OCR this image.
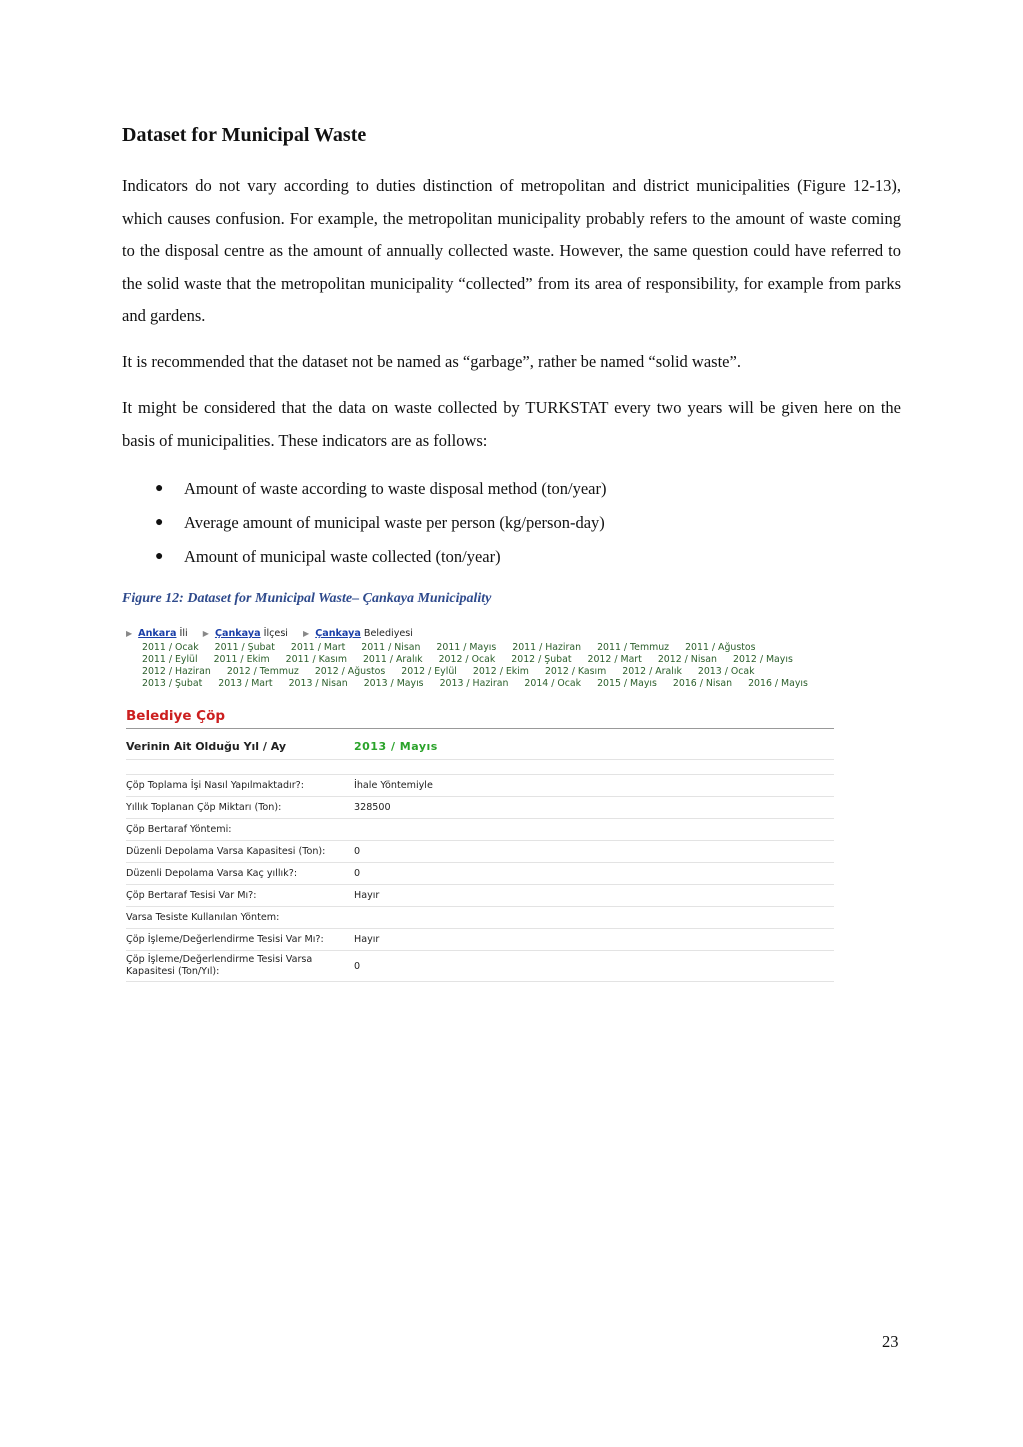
Dataset for Municipal Waste

Indicators do not vary according to duties distinction of metropolitan and district municipalities (Figure 12-13), which causes confusion. For example, the metropolitan municipality probably refers to the amount of waste coming to the disposal centre as the amount of annually collected waste. However, the same question could have referred to the solid waste that the metropolitan municipality “collected” from its area of responsibility, for example from parks and gardens.

It is recommended that the dataset not be named as “garbage”, rather be named “solid waste”.

It might be considered that the data on waste collected by TURKSTAT every two years will be given here on the basis of municipalities. These indicators are as follows:

● Amount of waste according to waste disposal method (ton/year)
● Average amount of municipal waste per person (kg/person-day)
● Amount of municipal waste collected (ton/year)
Figure 12: Dataset for Municipal Waste– Çankaya Municipality
▶ Ankara İli ▶ Çankaya İlçesi ▶ Çankaya Belediyesi
2011 / Ocak 2011 / Şubat 2011 / Mart 2011 / Nisan 2011 / Mayıs 2011 / Haziran 2011 / Temmuz 2011 / Ağustos 2011 / Eylül 2011 / Ekim 2011 / Kasım 2011 / Aralık 2012 / Ocak 2012 / Şubat 2012 / Mart 2012 / Nisan 2012 / Mayıs 2012 / Haziran 2012 / Temmuz 2012 / Ağustos 2012 / Eylül 2012 / Ekim 2012 / Kasım 2012 / Aralık 2013 / Ocak 2013 / Şubat 2013 / Mart 2013 / Nisan 2013 / Mayıs 2013 / Haziran 2014 / Ocak 2015 / Mayıs 2016 / Nisan 2016 / Mayıs
Belediye Çöp
Verinin Ait Olduğu Yıl / Ay	2013 / Mayıs
Çöp Toplama İşi Nasıl Yapılmaktadır?:	İhale Yöntemiyle
Yıllık Toplanan Çöp Miktarı (Ton):	328500
Çöp Bertaraf Yöntemi:
Düzenli Depolama Varsa Kapasitesi (Ton):	0
Düzenli Depolama Varsa Kaç yıllık?:	0
Çöp Bertaraf Tesisi Var Mı?:	Hayır
Varsa Tesiste Kullanılan Yöntem:
Çöp İşleme/Değerlendirme Tesisi Var Mı?:	Hayır
Çöp İşleme/Değerlendirme Tesisi Varsa Kapasitesi (Ton/Yıl):	0
23
